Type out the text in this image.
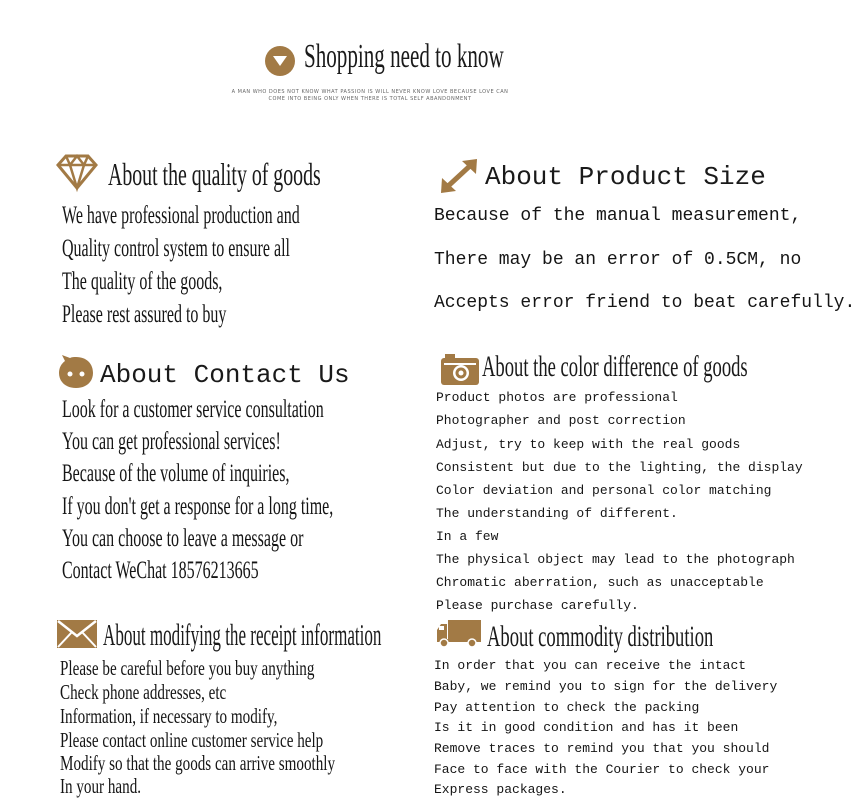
Shopping need to know
A MAN WHO DOES NOT KNOW WHAT PASSION IS WILL NEVER KNOW LOVE BECAUSE LOVE CAN COME INTO BEING ONLY WHEN THERE IS TOTAL SELF ABANDONMENT
About the quality of goods
We have professional production and
Quality control system to ensure all
The quality of the goods,
Please rest assured to buy
About Product Size
Because of the manual measurement,
There may be an error of 0.5CM, no
Accepts error friend to beat carefully.
About Contact Us
Look for a customer service consultation
You can get professional services!
Because of the volume of inquiries,
If you don't get a response for a long time,
You can choose to leave a message or
Contact WeChat 18576213665
About the color difference of goods
Product photos are professional
Photographer and post correction
Adjust, try to keep with the real goods
Consistent but due to the lighting, the display
Color deviation and personal color matching
The understanding of different.
In a few
The physical object may lead to the photograph
Chromatic aberration, such as unacceptable
Please purchase carefully.
About modifying the receipt information
Please be careful before you buy anything
Check phone addresses, etc
Information, if necessary to modify,
Please contact online customer service help
Modify so that the goods can arrive smoothly
In your hand.
About commodity distribution
In order that you can receive the intact
Baby, we remind you to sign for the delivery
Pay attention to check the packing
Is it in good condition and has it been
Remove traces to remind you that you should
Face to face with the Courier to check your
Express packages.
